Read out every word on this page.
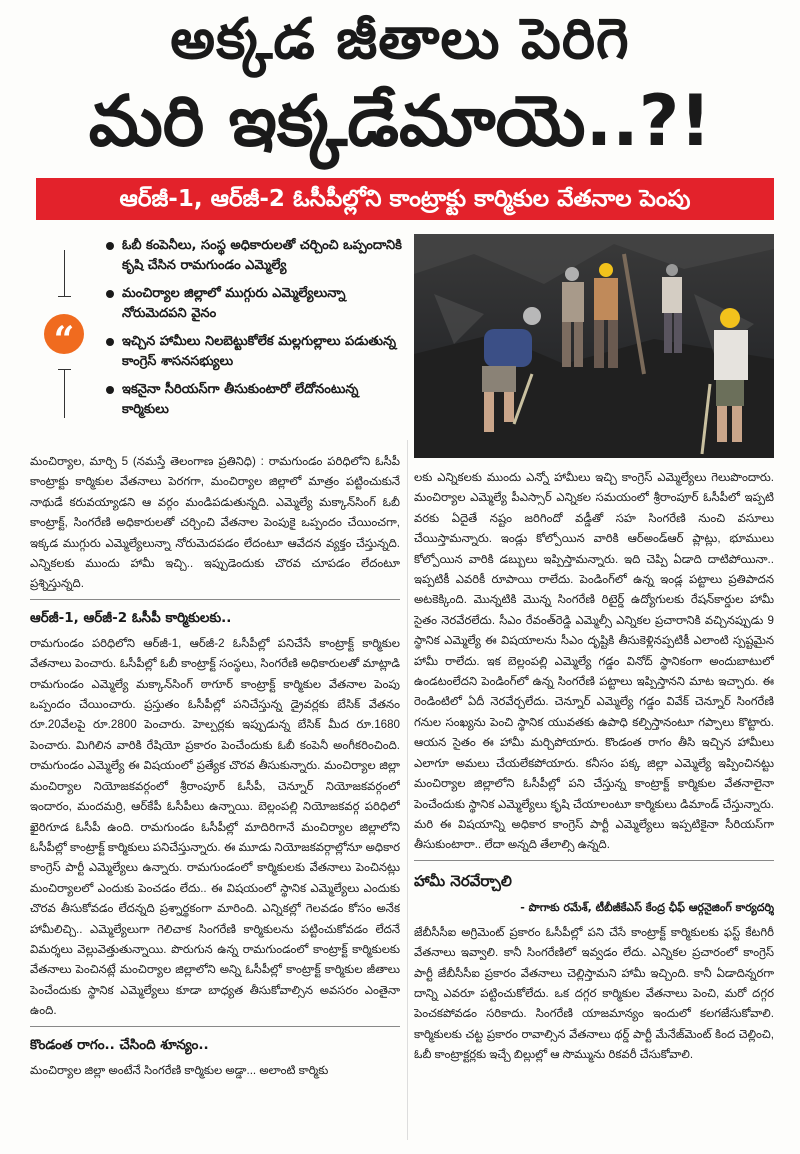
అక్కడ జీతాలు పెరిగె
మరి ఇక్కడేమాయె..?!
ఆర్‌జీ-1, ఆర్‌జీ-2 ఓసీపీల్లోని కాంట్రాక్టు కార్మికుల వేతనాల పెంపు
“
ఓబీ కంపెనీలు, సంస్థ అధికారులతో చర్చించి ఒప్పందానికి కృషి చేసిన రామగుండం ఎమ్మెల్యే
మంచిర్యాల జిల్లాలో ముగ్గురు ఎమ్మెల్యేలున్నా నోరుమెదపని వైనం
ఇచ్చిన హామీలు నిలబెట్టుకోలేక మల్లగుల్లాలు పడుతున్న కాంగ్రెస్ శాసనసభ్యులు
ఇకనైనా సీరియస్‌గా తీసుకుంటారో లేదోనంటున్న కార్మికులు

మంచిర్యాల, మార్చి 5 (నమస్తే తెలంగాణ ప్రతినిధి) : రామగుండం పరిధిలోని ఓసీపీ కాంట్రాక్టు కార్మికుల వేతనాలు పెరగగా, మంచిర్యాల జిల్లాలో మాత్రం పట్టించుకునే నాథుడే కరువయ్యాడని ఆ వర్గం మండిపడుతున్నది. ఎమ్మెల్యే మక్కాన్‌సింగ్ ఓబీ కాంట్రాక్ట్, సింగరేణి అధికారులతో చర్చించి వేతనాల పెంపుకై ఒప్పందం చేయించగా, ఇక్కడ ముగ్గురు ఎమ్మెల్యేలున్నా నోరుమెదపడం లేదంటూ ఆవేదన వ్యక్తం చేస్తున్నది. ఎన్నికలకు ముందు హామీ ఇచ్చి.. ఇప్పుడెందుకు చొరవ చూపడం లేదంటూ ప్రశ్నిస్తున్నది.

ఆర్‌జీ-1, ఆర్‌జీ-2 ఓసీపీ కార్మికులకు..

రామగుండం పరిధిలోని ఆర్‌జీ-1, ఆర్‌జీ-2 ఓసీపీల్లో పనిచేసే కాంట్రాక్ట్ కార్మికుల వేతనాలు పెంచారు. ఓసీపీల్లో ఓబీ కాంట్రాక్ట్ సంస్థలు, సింగరేణి అధికారులతో మాట్లాడి రామగుండం ఎమ్మెల్యే మక్కాన్‌సింగ్ ఠాగూర్ కాంట్రాక్ట్ కార్మికుల వేతనాల పెంపు ఒప్పందం చేయించారు. ప్రస్తుతం ఓసీపీల్లో పనిచేస్తున్న డ్రైవర్లకు బేసిక్ వేతనం రూ.20వేలపై రూ.2800 పెంచారు. హెల్పర్లకు ఇప్పుడున్న బేసిక్ మీద రూ.1680 పెంచారు. మిగిలిన వారికి రేషియో ప్రకారం పెంచేందుకు ఓబీ కంపెనీ అంగీకరించింది. రామగుండం ఎమ్మెల్యే ఈ విషయంలో ప్రత్యేక చొరవ తీసుకున్నారు. మంచిర్యాల జిల్లా మంచిర్యాల నియోజకవర్గంలో శ్రీరాంపూర్ ఓసీపీ, చెన్నూర్ నియోజకవర్గంలో ఇందారం, మందమర్రి, ఆర్‌కేపీ ఓసీపీలు ఉన్నాయి. బెల్లంపల్లి నియోజకవర్గ పరిధిలో ఖైరిగూడ ఓసీపీ ఉంది. రామగుండం ఓసీపీల్లో మాదిరిగానే మంచిర్యాల జిల్లాలోని ఓసీపీల్లో కాంట్రాక్ట్ కార్మికులు పనిచేస్తున్నారు. ఈ మూడు నియోజకవర్గాల్లోనూ అధికార కాంగ్రెస్ పార్టీ ఎమ్మెల్యేలు ఉన్నారు. రామగుండంలో కార్మికులకు వేతనాలు పెంచినట్లు మంచిర్యాలలో ఎందుకు పెంచడం లేదు.. ఈ విషయంలో స్థానిక ఎమ్మెల్యేలు ఎందుకు చొరవ తీసుకోవడం లేదన్నది ప్రశ్నార్థకంగా మారింది. ఎన్నికల్లో గెలవడం కోసం అనేక హామీలిచ్చి.. ఎమ్మెల్యేలుగా గెలిచాక సింగరేణి కార్మికులను పట్టించుకోవడం లేదనే విమర్శలు వెల్లువెత్తుతున్నాయి. పొరుగున ఉన్న రామగుండంలో కాంట్రాక్ట్ కార్మికులకు వేతనాలు పెంచినట్లే మంచిర్యాల జిల్లాలోని అన్ని ఓసీపీల్లో కాంట్రాక్ట్ కార్మికుల జీతాలు పెంచేందుకు స్థానిక ఎమ్మెల్యేలు కూడా బాధ్యత తీసుకోవాల్సిన అవసరం ఎంతైనా ఉంది.

కొండంత రాగం.. చేసింది శూన్యం..

మంచిర్యాల జిల్లా అంటేనే సింగరేణి కార్మికుల అడ్డా... అలాంటి కార్మికు

లకు ఎన్నికలకు ముందు ఎన్నో హామీలు ఇచ్చి కాంగ్రెస్ ఎమ్మెల్యేలు గెలుపొందారు. మంచిర్యాల ఎమ్మెల్యే పీఎస్సార్ ఎన్నికల సమయంలో శ్రీరాంపూర్ ఓసీపీలో ఇప్పటి వరకు ఏదైతే నష్టం జరిగిందో వడ్డీతో సహ సింగరేణి నుంచి వసూలు చేయిస్తామన్నారు. ఇండ్లు కోల్పోయిన వారికి ఆర్‌అండ్‌ఆర్ ప్లాట్లు, భూములు కోల్పోయిన వారికి డబ్బులు ఇప్పిస్తామన్నారు. ఇది చెప్పి ఏడాది దాటిపోయినా.. ఇప్పటికీ ఎవరికీ రూపాయి రాలేదు. పెండింగ్‌లో ఉన్న ఇండ్ల పట్టాలు ప్రతిపాదన అటకెక్కింది. మొన్నటికి మొన్న సింగరేణి రిటైర్డ్ ఉద్యోగులకు రేషన్‌కార్డుల హామీ సైతం నెరవేరలేదు. సీఎం రేవంత్‌రెడ్డి ఎమ్మెల్సీ ఎన్నికల ప్రచారానికి వచ్చినప్పుడు 9 స్థానిక ఎమ్మెల్యే ఈ విషయాలను సీఎం దృష్టికి తీసుకెళ్లినప్పటికీ ఎలాంటి స్పష్టమైన హామీ రాలేదు. ఇక బెల్లంపల్లి ఎమ్మెల్యే గడ్డం వినోద్ స్థానికంగా అందుబాటులో ఉండటంలేదని పెండింగ్‌లో ఉన్న సింగరేణి పట్టాలు ఇప్పిస్తానని మాట ఇచ్చారు. ఈ రెండింటిలో ఏదీ నెరవేర్చలేదు. చెన్నూర్ ఎమ్మెల్యే గడ్డం వివేక్ చెన్నూర్ సింగరేణి గనుల సంఖ్యను పెంచి స్థానిక యువతకు ఉపాధి కల్పిస్తానంటూ గప్పాలు కొట్టారు. ఆయన సైతం ఈ హామీ మర్చిపోయారు. కొండంత రాగం తీసి ఇచ్చిన హామీలు ఎలాగూ అమలు చేయలేకపోయారు. కనీసం పక్క జిల్లా ఎమ్మెల్యే ఇప్పించినట్టు మంచిర్యాల జిల్లాలోని ఓసీపీల్లో పని చేస్తున్న కాంట్రాక్ట్ కార్మికుల వేతనాలైనా పెంచేందుకు స్థానిక ఎమ్మెల్యేలు కృషి చేయాలంటూ కార్మికులు డిమాండ్ చేస్తున్నారు. మరి ఈ విషయాన్ని అధికార కాంగ్రెస్ పార్టీ ఎమ్మెల్యేలు ఇప్పటికైనా సీరియస్‌గా తీసుకుంటారా.. లేదా అన్నది తేలాల్సి ఉన్నది.

హామీ నెరవేర్చాలి
- పొగాకు రమేశ్, టీబీజీకేఎస్ కేంద్ర ఛీఫ్ ఆర్గనైజింగ్ కార్యదర్శి

జేబీసీసీఐ అగ్రిమెంట్ ప్రకారం ఓసీపీల్లో పని చేసే కాంట్రాక్ట్ కార్మికులకు ఫస్ట్ కేటగిరీ వేతనాలు ఇవ్వాలి. కానీ సింగరేణిలో ఇవ్వడం లేదు. ఎన్నికల ప్రచారంలో కాంగ్రెస్ పార్టీ జేబీసీసీఐ ప్రకారం వేతనాలు చెల్లిస్తామని హామీ ఇచ్చింది. కానీ ఏడాదిన్నరగా దాన్ని ఎవరూ పట్టించుకోలేదు. ఒక దగ్గర కార్మికుల వేతనాలు పెంచి, మరో దగ్గర పెంచకపోవడం సరికాదు. సింగరేణి యాజమాన్యం ఇందులో కలగజేసుకోవాలి. కార్మికులకు చట్ట ప్రకారం రావాల్సిన వేతనాలు థర్డ్ పార్టీ మేనేజ్‌మెంట్ కింద చెల్లించి, ఓబీ కాంట్రాక్టర్లకు ఇచ్చే బిల్లుల్లో ఆ సొమ్మును రికవరీ చేసుకోవాలి.
